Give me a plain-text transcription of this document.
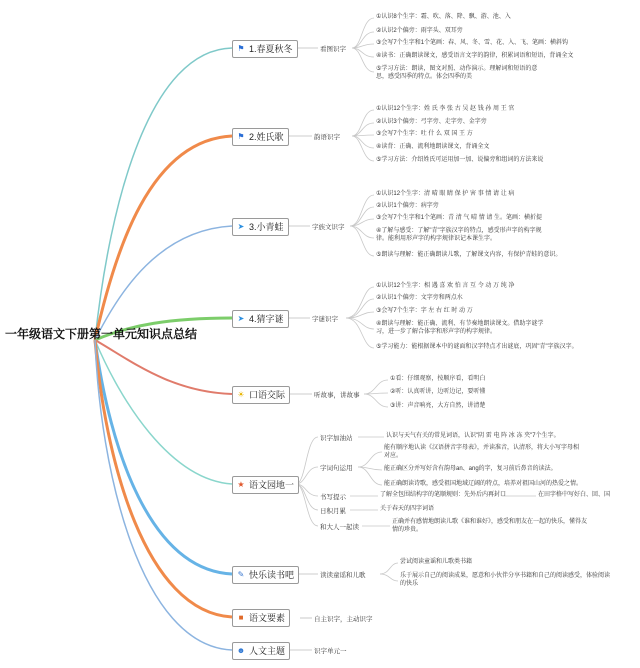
一年级语文下册第一单元知识点总结
⚑ 1.春夏秋冬	看图识字
①认识8个生字：霜、吹、落、降、飘、游、池、入
②认识2个偏旁：雨字头、双耳旁
③会写7个生字和1个笔画：春、风、冬、雪、花、入、飞、笔画：横斜钩
④读书：正确朗读课文，感受语言文字的韵律，积累词语和短语，背诵全文
⑤学习方法：朗读，图文对照、动作演示。理解词和短语的意思，感受四季的特点。体会四季的美
⚑ 2.姓氏歌	韵语识字
①认识12个生字：姓 氏 李 张 古 吴 赵 钱 孙 周 王 官
②认识3个偏旁：弓字旁、走字旁、金字旁
③会写7个生字：吐 什 么 双 国 王 方
④读背：正确、流利地朗读课文，背诵全文
⑤学习方法：介绍姓氏可运用加一加、说偏旁和组词的方法来说
➤ 3.小青蛙	字族文识字
①认识12个生字：清 晴 眼 睛 保 护 害 事 情 请 让 病
②认识1个偏旁：病字旁
③会写7个生字和1个笔画：青 清 气 晴 情 请 生。笔画：横折提
④了解与感受：了解"青"字族汉字的特点，感受形声字的构字规律。能利用形声字的构字规律识记本课生字。
⑤朗读与理解：能正确朗读儿歌，了解课文内容，有保护青蛙的意识。
➤ 4.猜字谜	字谜识字
①认识12个生字：相 遇 喜 欢 怕 言 互 令 动 万 纯 净
②认识1个偏旁：文字旁和两点水
③会写7个生字：字 左 右 红 时 动 万
④朗读与理解：能正确、流利、有节奏地朗读课文。借助字谜学习，进一步了解合体字和形声字的构字规律。
⑤学习能力：能根据课本中的谜面和汉字特点才出谜底，巩固"青"字族汉字。
☀ 口语交际	听故事，讲故事
①看：仔细观察，按顺序看，看明白
②听：认真听讲，边听边记，要听懂
③讲：声音响亮，大方自然，讲清楚
★ 语文园地一
识字加油站	认识与天气有关的常见词语，认识"阴 雷 电 阵 冰 冻 夹"7个生字。
字词句运用
能有顺序地认读《汉语拼音字母表》，并读准音，认清形，将大小写字母相对应。
能正确区分并写好含有韵母an、ang的字，复习前后鼻音的读法。
能正确朗读诗歌，感受祖国地域辽阔的特点，培养对祖国山河的热爱之情。
书写提示	了解全包围结构字的笔顺规则：先外后内再封口	在田字格中写好白、回、国
日积月累	关于春天的四字词语
和大人一起读
正确并有感情地朗读儿歌《谁和谁好》，感受和朋友在一起的快乐，懂得友情的珍贵。
✎ 快乐读书吧	读读童谣和儿歌
尝试阅读童谣和儿歌类书籍
乐于展示自己的阅读成果，愿意和小伙伴分享书籍和自己的阅读感受，体验阅读的快乐
■ 语文要素	自主识字，主动识字
☻ 人文主题	识字单元一
